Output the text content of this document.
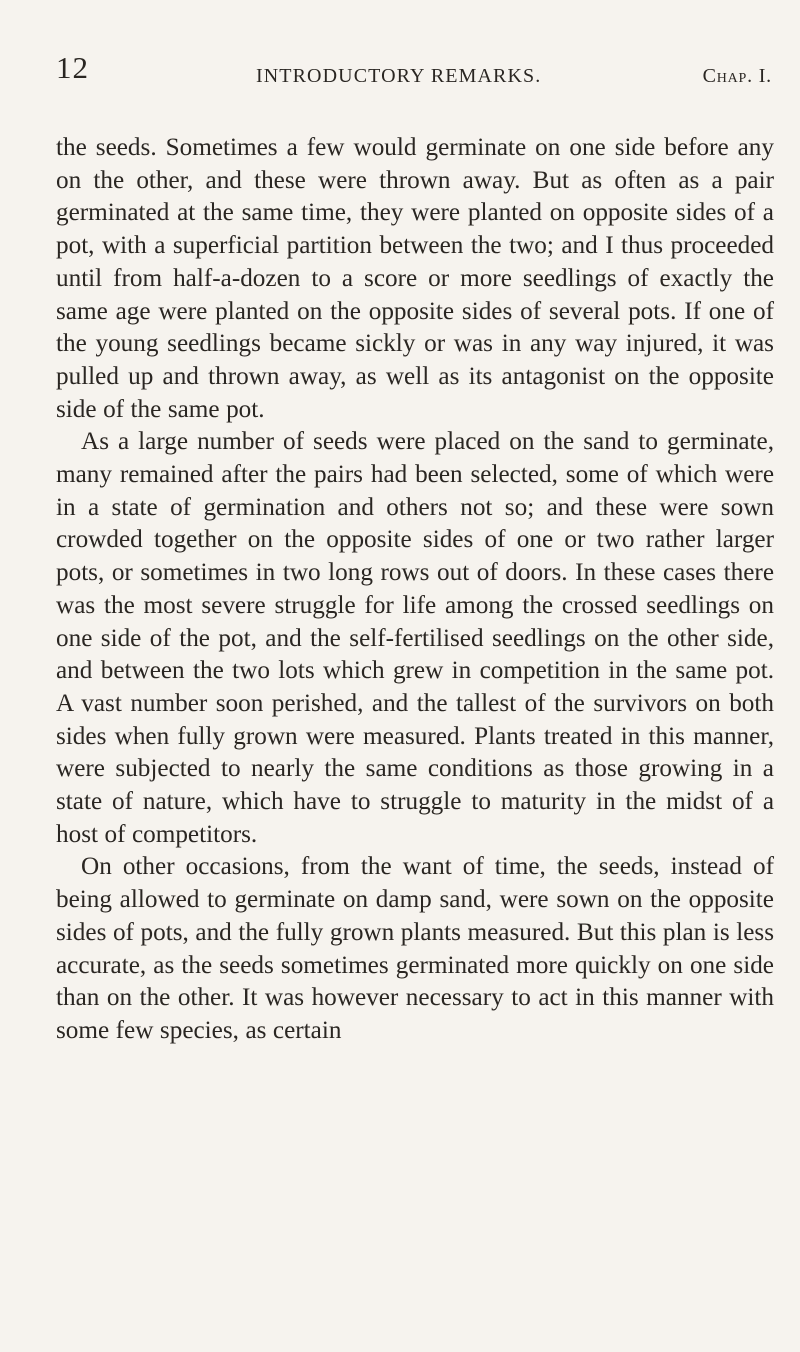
12	INTRODUCTORY REMARKS.	Chap. I.

the seeds. Sometimes a few would germinate on one side before any on the other, and these were thrown away. But as often as a pair germinated at the same time, they were planted on opposite sides of a pot, with a superficial partition between the two; and I thus proceeded until from half-a-dozen to a score or more seedlings of exactly the same age were planted on the opposite sides of several pots. If one of the young seedlings became sickly or was in any way injured, it was pulled up and thrown away, as well as its antagonist on the opposite side of the same pot.

As a large number of seeds were placed on the sand to germinate, many remained after the pairs had been selected, some of which were in a state of germination and others not so; and these were sown crowded together on the opposite sides of one or two rather larger pots, or sometimes in two long rows out of doors. In these cases there was the most severe struggle for life among the crossed seedlings on one side of the pot, and the self-fertilised seedlings on the other side, and between the two lots which grew in competition in the same pot. A vast number soon perished, and the tallest of the survivors on both sides when fully grown were measured. Plants treated in this manner, were subjected to nearly the same conditions as those growing in a state of nature, which have to struggle to maturity in the midst of a host of competitors.

On other occasions, from the want of time, the seeds, instead of being allowed to germinate on damp sand, were sown on the opposite sides of pots, and the fully grown plants measured. But this plan is less accurate, as the seeds sometimes germinated more quickly on one side than on the other. It was however necessary to act in this manner with some few species, as certain
